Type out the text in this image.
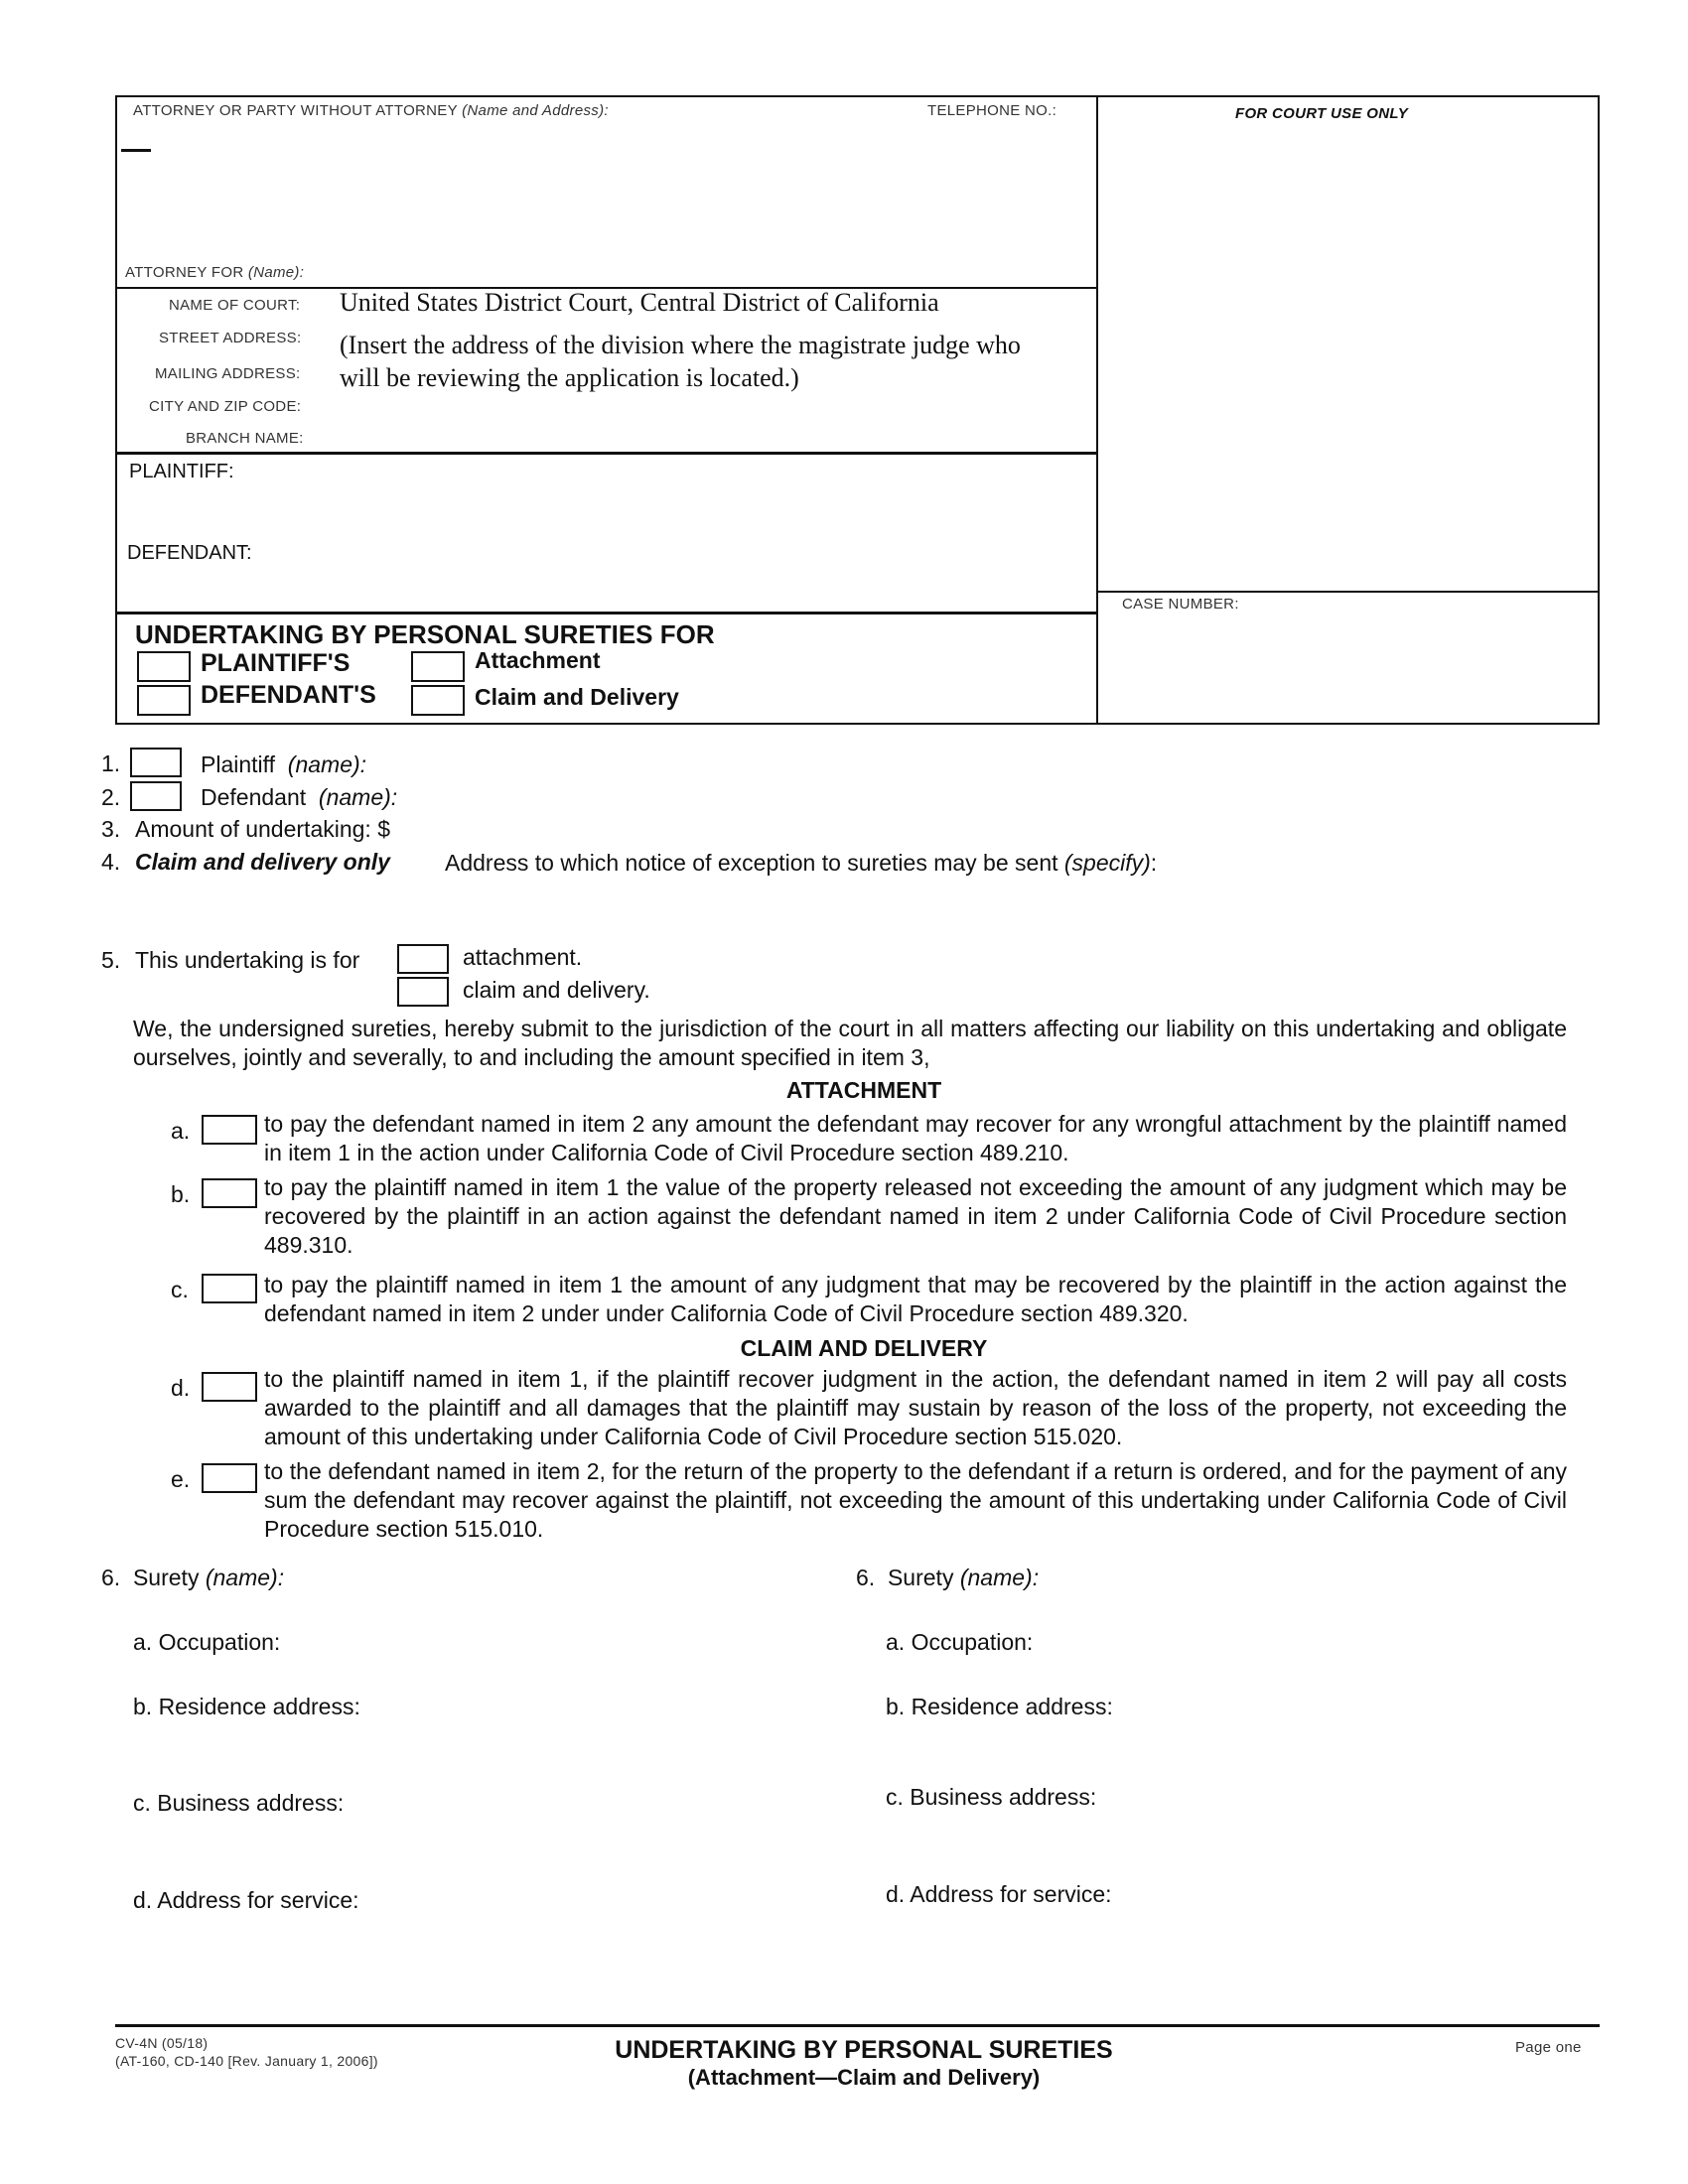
ATTORNEY OR PARTY WITHOUT ATTORNEY (Name and Address):	TELEPHONE NO.:	FOR COURT USE ONLY
ATTORNEY FOR (Name):
NAME OF COURT:
STREET ADDRESS:
MAILING ADDRESS:
CITY AND ZIP CODE:
BRANCH NAME:
United States District Court, Central District of California
(Insert the address of the division where the magistrate judge who
will be reviewing the application is located.)
PLAINTIFF:
DEFENDANT:
CASE NUMBER:
UNDERTAKING BY PERSONAL SURETIES FOR
PLAINTIFF'S
DEFENDANT'S
Attachment
Claim and Delivery
1.	Plaintiff (name):
2.	Defendant (name):
3. Amount of undertaking: $
4. Claim and delivery only Address to which notice of exception to sureties may be sent (specify):
5. This undertaking is for	attachment.
claim and delivery.
We, the undersigned sureties, hereby submit to the jurisdiction of the court in all matters affecting our liability on this undertaking and obligate ourselves, jointly and severally, to and including the amount specified in item 3,
ATTACHMENT
a.	to pay the defendant named in item 2 any amount the defendant may recover for any wrongful attachment by the plaintiff named in item 1 in the action under California Code of Civil Procedure section 489.210.
b.	to pay the plaintiff named in item 1 the value of the property released not exceeding the amount of any judgment which may be recovered by the plaintiff in an action against the defendant named in item 2 under California Code of Civil Procedure section 489.310.
c.	to pay the plaintiff named in item 1 the amount of any judgment that may be recovered by the plaintiff in the action against the defendant named in item 2 under under California Code of Civil Procedure section 489.320.
CLAIM AND DELIVERY
d.	to the plaintiff named in item 1, if the plaintiff recover judgment in the action, the defendant named in item 2 will pay all costs awarded to the plaintiff and all damages that the plaintiff may sustain by reason of the loss of the property, not exceeding the amount of this undertaking under California Code of Civil Procedure section 515.020.
e.	to the defendant named in item 2, for the return of the property to the defendant if a return is ordered, and for the payment of any sum the defendant may recover against the plaintiff, not exceeding the amount of this undertaking under California Code of Civil Procedure section 515.010.
6. Surety (name):
a. Occupation:
b. Residence address:
c. Business address:
d. Address for service:
6. Surety (name):
a. Occupation:
b. Residence address:
c. Business address:
d. Address for service:
CV-4N (05/18)
(AT-160, CD-140 [Rev. January 1, 2006])	UNDERTAKING BY PERSONAL SURETIES
(Attachment—Claim and Delivery)
Page one
